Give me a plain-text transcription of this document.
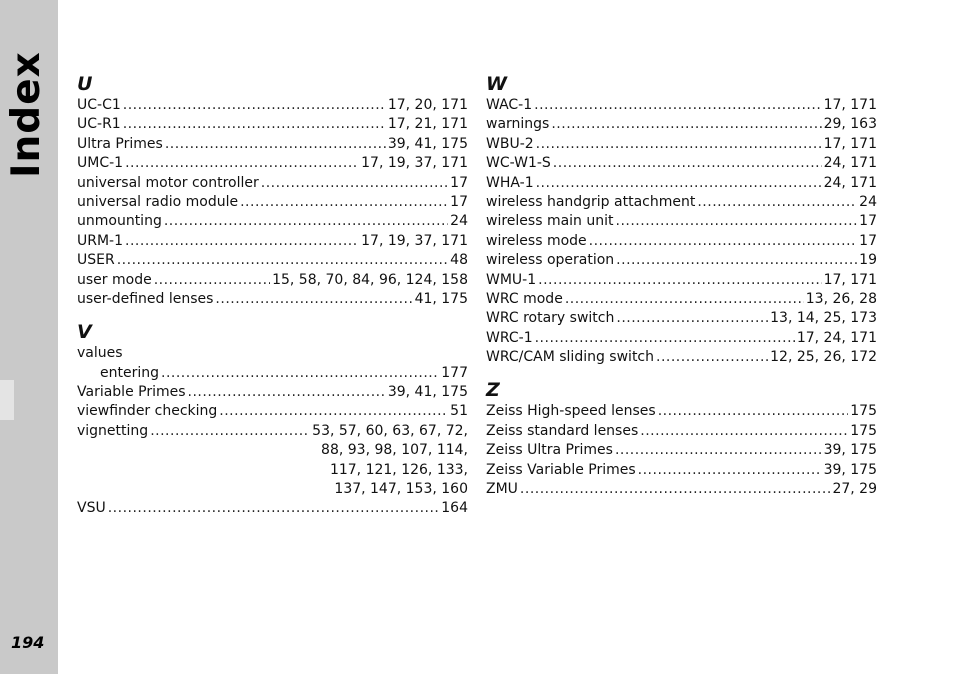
Index
194
U
UC-C1 .....	17, 20, 171
UC-R1 .....	17, 21, 171
Ultra Primes .....	39, 41, 175
UMC-1 .....	17, 19, 37, 171
universal motor controller .....	17
universal radio module .....	17
unmounting .....	24
URM-1 .....	17, 19, 37, 171
USER .....	48
user mode .....	15, 58, 70, 84, 96, 124, 158
user-defined lenses .....	41, 175
V
values
entering .....	177
Variable Primes .....	39, 41, 175
viewfinder checking .....	51
vignetting .....	53, 57, 60, 63, 67, 72,
88, 93, 98, 107, 114,
117, 121, 126, 133,
137, 147, 153, 160
VSU .....	164
W
WAC-1 .....	17, 171
warnings .....	29, 163
WBU-2 .....	17, 171
WC-W1-S .....	24, 171
WHA-1 .....	24, 171
wireless handgrip attachment .....	24
wireless main unit .....	17
wireless mode .....	17
wireless operation .....	19
WMU-1 .....	17, 171
WRC mode .....	13, 26, 28
WRC rotary switch .....	13, 14, 25, 173
WRC-1 .....	17, 24, 171
WRC/CAM sliding switch .....	12, 25, 26, 172
Z
Zeiss High-speed lenses .....	175
Zeiss standard lenses .....	175
Zeiss Ultra Primes .....	39, 175
Zeiss Variable Primes .....	39, 175
ZMU .....	27, 29
